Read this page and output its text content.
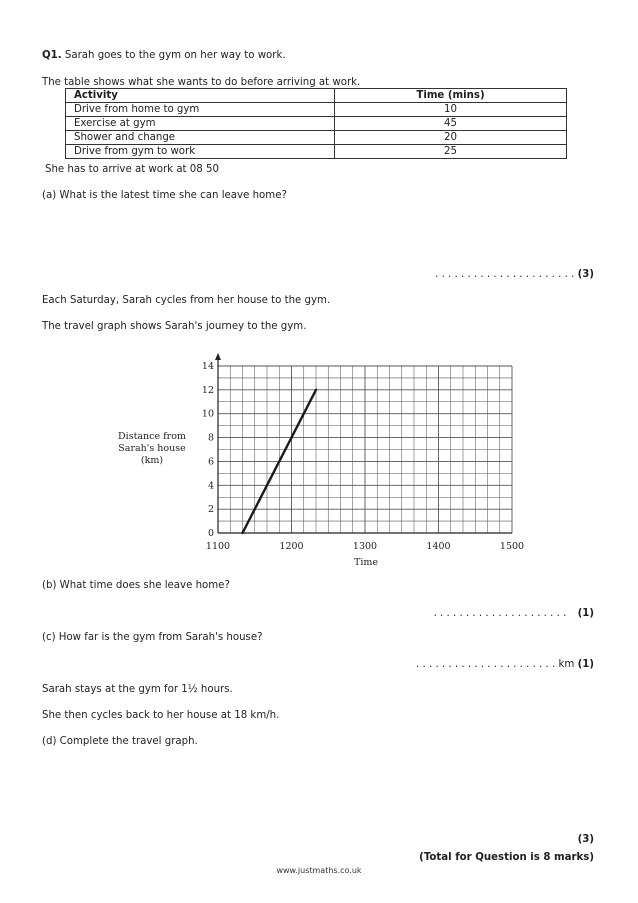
Q1. Sarah goes to the gym on her way to work.
The table shows what she wants to do before arriving at work.
Activity	Time (mins)
Drive from home to gym	10
Exercise at gym	45
Shower and change	20
Drive from gym to work	25
She has to arrive at work at 08 50
(a) What is the latest time she can leave home?
. . . . . . . . . . . . . . . . . . . . . . (3)
Each Saturday, Sarah cycles from her house to the gym.
The travel graph shows Sarah's journey to the gym.
Distance from
Sarah's house (km)
1100	1200	1300	1400	1500
0
2
4
6
8
10
12
14
Time
(b) What time does she leave home?
. . . . . . . . . . . . . . . . . . . . . (1)
(c) How far is the gym from Sarah's house?
. . . . . . . . . . . . . . . . . . . . . . km (1)
Sarah stays at the gym for 1½ hours.
She then cycles back to her house at 18 km/h.
(d) Complete the travel graph.
(3)
(Total for Question is 8 marks)
www.justmaths.co.uk
